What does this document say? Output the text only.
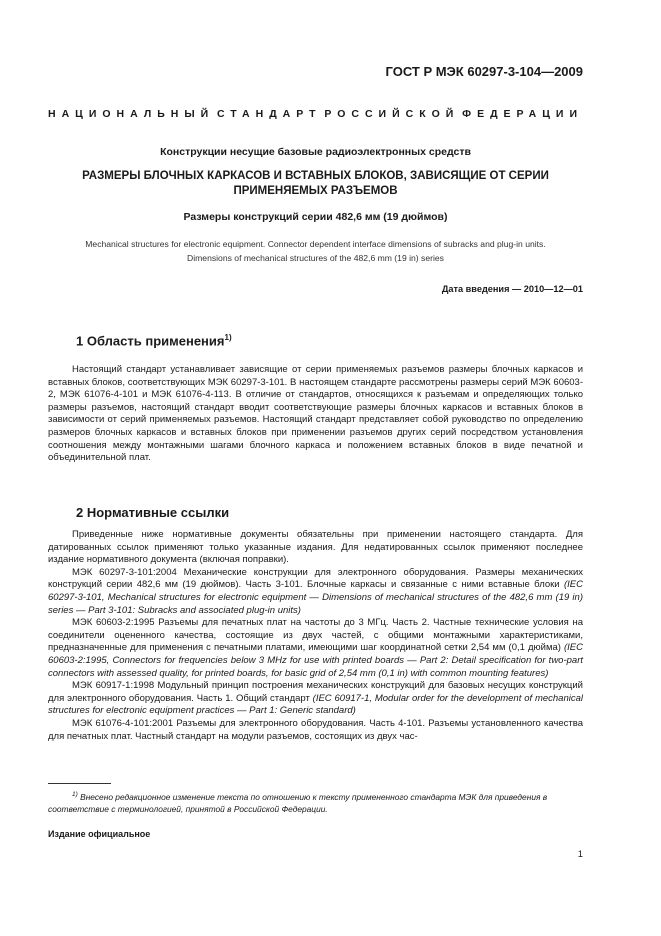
ГОСТ Р МЭК 60297-3-104—2009
НАЦИОНАЛЬНЫЙ СТАНДАРТ РОССИЙСКОЙ ФЕДЕРАЦИИ
Конструкции несущие базовые радиоэлектронных средств
РАЗМЕРЫ БЛОЧНЫХ КАРКАСОВ И ВСТАВНЫХ БЛОКОВ, ЗАВИСЯЩИЕ ОТ СЕРИИ
ПРИМЕНЯЕМЫХ РАЗЪЕМОВ
Размеры конструкций серии 482,6 мм (19 дюймов)
Mechanical structures for electronic equipment. Connector dependent interface dimensions of subracks and plug-in units.
Dimensions of mechanical structures of the 482,6 mm (19 in) series
Дата введения — 2010—12—01
1 Область применения$^{1)}$

Настоящий стандарт устанавливает зависящие от серии применяемых разъемов размеры блочных каркасов и вставных блоков, соответствующих МЭК 60297-3-101. В настоящем стандарте рассмотрены размеры серий МЭК 60603-2, МЭК 61076-4-101 и МЭК 61076-4-113. В отличие от стандартов, относящихся к разъемам и определяющих только размеры разъемов, настоящий стандарт вводит соответствующие размеры блочных каркасов и вставных блоков в зависимости от серий применяемых разъемов. Настоящий стандарт представляет собой руководство по определению размеров блочных каркасов и вставных блоков при применении разъемов других серий посредством установления соотношения между монтажными шагами блочного каркаса и положением вставных блоков в виде печатной и объединительной плат.

2 Нормативные ссылки

Приведенные ниже нормативные документы обязательны при применении настоящего стандарта. Для датированных ссылок применяют только указанные издания. Для недатированных ссылок применяют последнее издание нормативного документа (включая поправки).

МЭК 60297-3-101:2004 Механические конструкции для электронного оборудования. Размеры механических конструкций серии 482,6 мм (19 дюймов). Часть 3-101. Блочные каркасы и связанные с ними вставные блоки (IEC 60297-3-101, Mechanical structures for electronic equipment — Dimensions of mechanical structures of the 482,6 mm (19 in) series — Part 3-101: Subracks and associated plug-in units)

МЭК 60603-2:1995 Разъемы для печатных плат на частоты до 3 МГц. Часть 2. Частные технические условия на соединители оцененного качества, состоящие из двух частей, с общими монтажными характеристиками, предназначенные для применения с печатными платами, имеющими шаг координатной сетки 2,54 мм (0,1 дюйма) (IEC 60603-2:1995, Connectors for frequencies below 3 MHz for use with printed boards — Part 2: Detail specification for two-part connectors with assessed quality, for printed boards, for basic grid of 2,54 mm (0,1 in) with common mounting features)

МЭК 60917-1:1998 Модульный принцип построения механических конструкций для базовых несущих конструкций для электронного оборудования. Часть 1. Общий стандарт (IEC 60917-1, Modular order for the development of mechanical structures for electronic equipment practices — Part 1: Generic standard)

МЭК 61076-4-101:2001 Разъемы для электронного оборудования. Часть 4-101. Разъемы установленного качества для печатных плат. Частный стандарт на модули разъемов, состоящих из двух час-

$^{1)}$ Внесено редакционное изменение текста по отношению к тексту примененного стандарта МЭК для приведения в соответствие с терминологией, принятой в Российской Федерации.
Издание официальное
1
